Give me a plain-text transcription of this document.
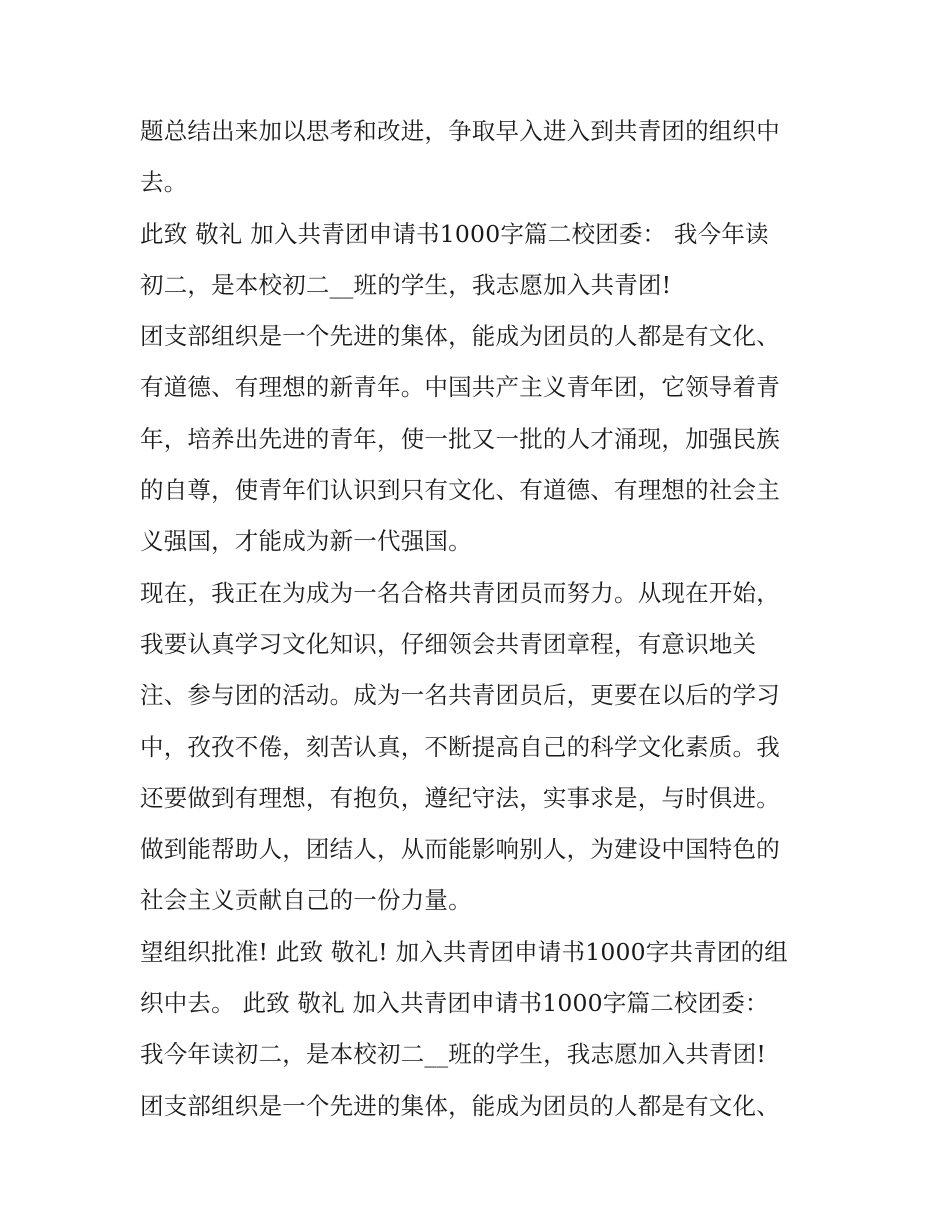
题总结出来加以思考和改进，争取早入进入到共青团的组织中
去。
此致 敬礼 加入共青团申请书1000字篇二校团委： 我今年读
初二，是本校初二__班的学生，我志愿加入共青团!
团支部组织是一个先进的集体，能成为团员的人都是有文化、
有道德、有理想的新青年。中国共产主义青年团，它领导着青
年，培养出先进的青年，使一批又一批的人才涌现，加强民族
的自尊，使青年们认识到只有文化、有道德、有理想的社会主
义强国，才能成为新一代强国。
现在，我正在为成为一名合格共青团员而努力。从现在开始，
我要认真学习文化知识，仔细领会共青团章程，有意识地关
注、参与团的活动。成为一名共青团员后，更要在以后的学习
中，孜孜不倦，刻苦认真，不断提高自己的科学文化素质。我
还要做到有理想，有抱负，遵纪守法，实事求是，与时俱进。
做到能帮助人，团结人，从而能影响别人，为建设中国特色的
社会主义贡献自己的一份力量。
望组织批准! 此致 敬礼! 加入共青团申请书1000字共青团的组
织中去。 此致 敬礼 加入共青团申请书1000字篇二校团委：
我今年读初二，是本校初二__班的学生，我志愿加入共青团!
团支部组织是一个先进的集体，能成为团员的人都是有文化、
